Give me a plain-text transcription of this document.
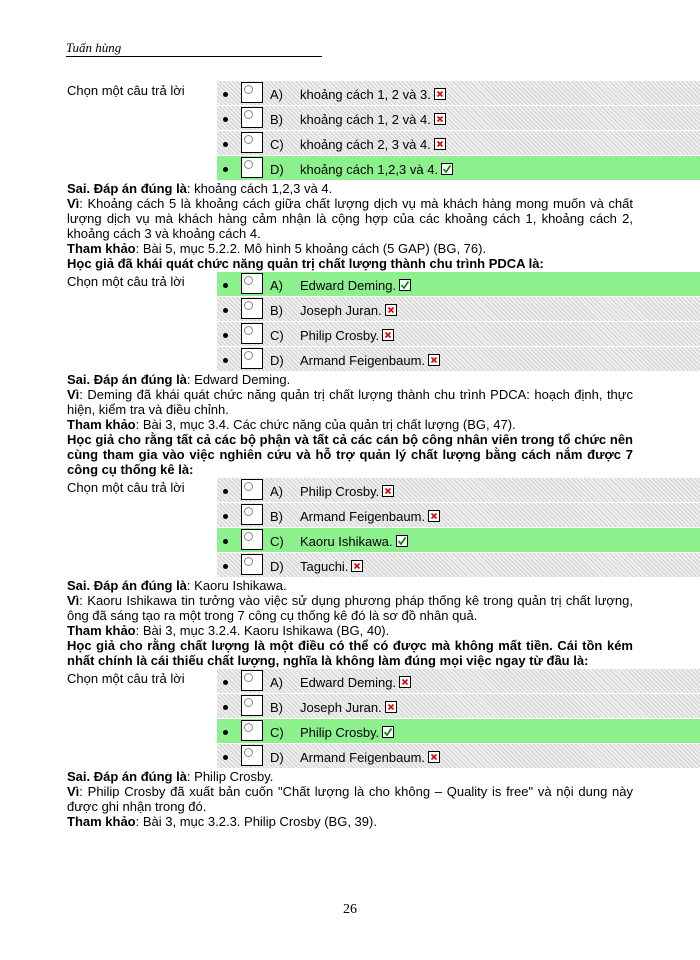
Tuấn hùng
Chọn một câu trả lời	A) khoảng cách 1, 2 và 3.
B) khoảng cách 1, 2 và 4.
C) khoảng cách 2, 3 và 4.
D) khoảng cách 1,2,3 và 4.
Sai. Đáp án đúng là: khoảng cách 1,2,3 và 4.
Vì: Khoảng cách 5 là khoảng cách giữa chất lượng dịch vụ mà khách hàng mong muốn và chất lượng dịch vụ mà khách hàng cảm nhận là cộng hợp của các khoảng cách 1, khoảng cách 2, khoảng cách 3 và khoảng cách 4.
Tham khảo: Bài 5, mục 5.2.2. Mô hình 5 khoảng cách (5 GAP) (BG, 76).
Học giả đã khái quát chức năng quản trị chất lượng thành chu trình PDCA là:
Chọn một câu trả lời	A) Edward Deming.
B) Joseph Juran.
C) Philip Crosby.
D) Armand Feigenbaum.
Sai. Đáp án đúng là: Edward Deming.
Vì: Deming đã khái quát chức năng quản trị chất lượng thành chu trình PDCA: hoạch định, thực hiện, kiểm tra và điều chỉnh.
Tham khảo: Bài 3, mục 3.4. Các chức năng của quản trị chất lượng (BG, 47).
Học giả cho rằng tất cả các bộ phận và tất cả các cán bộ công nhân viên trong tổ chức nên cùng tham gia vào việc nghiên cứu và hỗ trợ quản lý chất lượng bằng cách nắm được 7 công cụ thống kê là:
Chọn một câu trả lời	A) Philip Crosby.
B) Armand Feigenbaum.
C) Kaoru Ishikawa.
D) Taguchi.
Sai. Đáp án đúng là: Kaoru Ishikawa.
Vì: Kaoru Ishikawa tin tưởng vào việc sử dụng phương pháp thống kê trong quản trị chất lượng, ông đã sáng tạo ra một trong 7 công cụ thống kê đó là sơ đồ nhân quả.
Tham khảo: Bài 3, mục 3.2.4. Kaoru Ishikawa (BG, 40).
Học giả cho rằng chất lượng là một điều có thể có được mà không mất tiền. Cái tồn kém nhất chính là cái thiếu chất lượng, nghĩa là không làm đúng mọi việc ngay từ đầu là:
Chọn một câu trả lời	A) Edward Deming.
B) Joseph Juran.
C) Philip Crosby.
D) Armand Feigenbaum.
Sai. Đáp án đúng là: Philip Crosby.
Vì: Philip Crosby đã xuất bản cuốn "Chất lượng là cho không – Quality is free" và nội dung này được ghi nhận trong đó.
Tham khảo: Bài 3, mục 3.2.3. Philip Crosby (BG, 39).
26
